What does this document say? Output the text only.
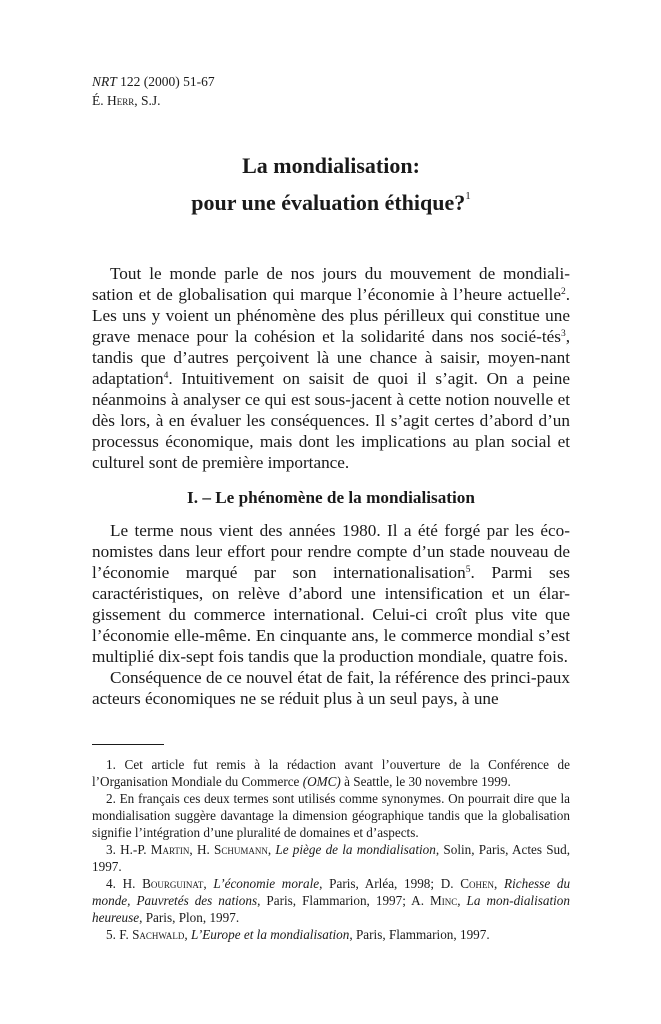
NRT 122 (2000) 51-67
É. Herr, S.J.
La mondialisation:
pour une évaluation éthique?$^1$

Tout le monde parle de nos jours du mouvement de mondiali-sation et de globalisation qui marque l’économie à l’heure actuelle$^2$. Les uns y voient un phénomène des plus périlleux qui constitue une grave menace pour la cohésion et la solidarité dans nos socié-tés$^3$, tandis que d’autres perçoivent là une chance à saisir, moyen-nant adaptation$^4$. Intuitivement on saisit de quoi il s’agit. On a peine néanmoins à analyser ce qui est sous-jacent à cette notion nouvelle et dès lors, à en évaluer les conséquences. Il s’agit certes d’abord d’un processus économique, mais dont les implications au plan social et culturel sont de première importance.

I. – Le phénomène de la mondialisation

Le terme nous vient des années 1980. Il a été forgé par les éco-nomistes dans leur effort pour rendre compte d’un stade nouveau de l’économie marqué par son internationalisation$^5$. Parmi ses caractéristiques, on relève d’abord une intensification et un élar-gissement du commerce international. Celui-ci croît plus vite que l’économie elle-même. En cinquante ans, le commerce mondial s’est multiplié dix-sept fois tandis que la production mondiale, quatre fois.

Conséquence de ce nouvel état de fait, la référence des princi-paux acteurs économiques ne se réduit plus à un seul pays, à une

1. Cet article fut remis à la rédaction avant l’ouverture de la Conférence de l’Organisation Mondiale du Commerce (OMC) à Seattle, le 30 novembre 1999.

2. En français ces deux termes sont utilisés comme synonymes. On pourrait dire que la mondialisation suggère davantage la dimension géographique tandis que la globalisation signifie l’intégration d’une pluralité de domaines et d’aspects.

3. H.-P. Martin, H. Schumann, Le piège de la mondialisation, Solin, Paris, Actes Sud, 1997.

4. H. Bourguinat, L’économie morale, Paris, Arléa, 1998; D. Cohen, Richesse du monde, Pauvretés des nations, Paris, Flammarion, 1997; A. Minc, La mon-dialisation heureuse, Paris, Plon, 1997.

5. F. Sachwald, L’Europe et la mondialisation, Paris, Flammarion, 1997.
